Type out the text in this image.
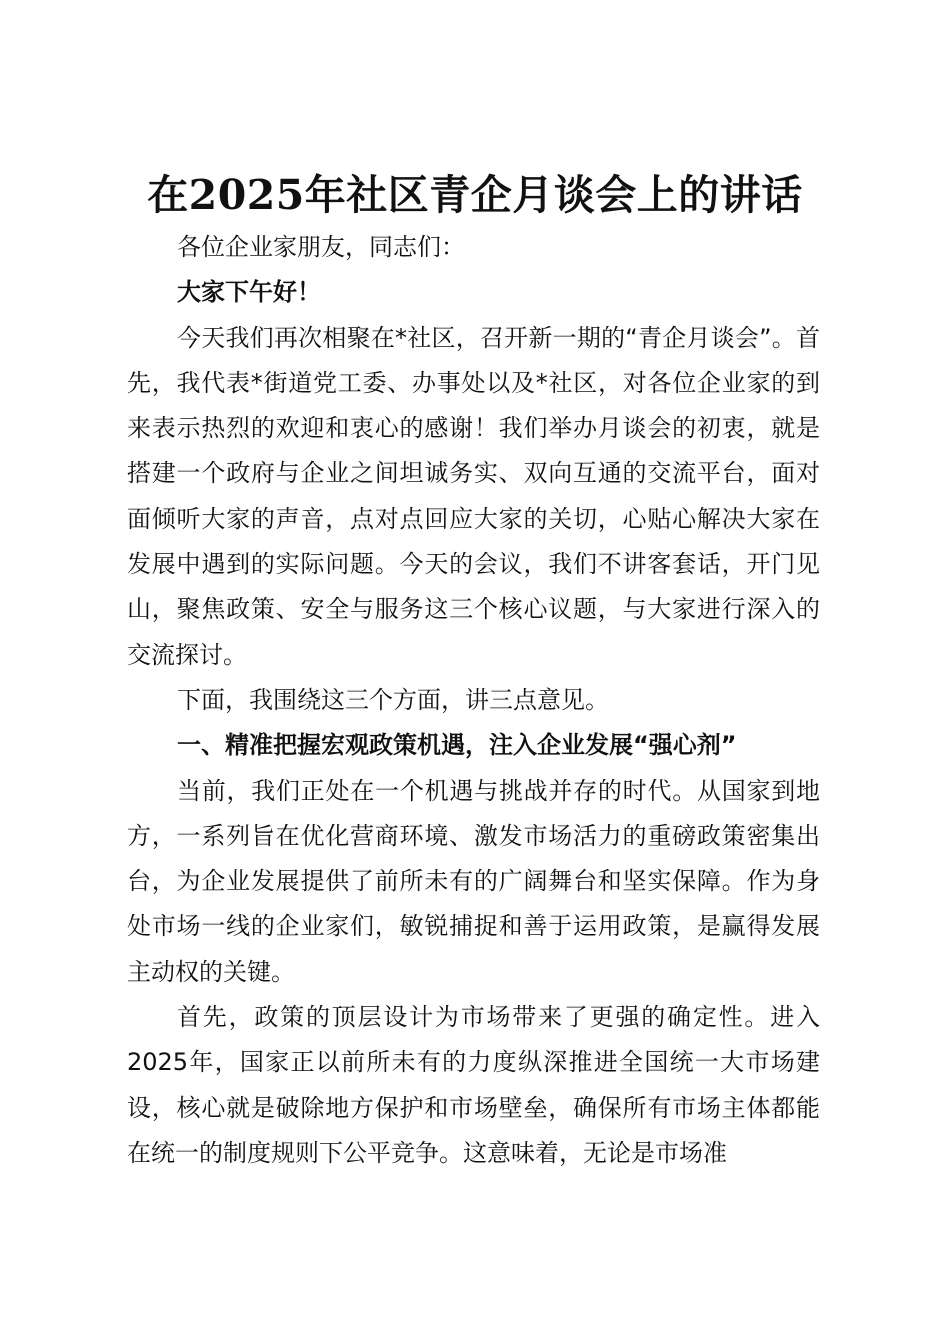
在2025年社区青企月谈会上的讲话

各位企业家朋友，同志们：

大家下午好！

今天我们再次相聚在*社区，召开新一期的“青企月谈会”。首先，我代表*街道党工委、办事处以及*社区，对各位企业家的到来表示热烈的欢迎和衷心的感谢！我们举办月谈会的初衷，就是搭建一个政府与企业之间坦诚务实、双向互通的交流平台，面对面倾听大家的声音，点对点回应大家的关切，心贴心解决大家在发展中遇到的实际问题。今天的会议，我们不讲客套话，开门见山，聚焦政策、安全与服务这三个核心议题，与大家进行深入的交流探讨。

下面，我围绕这三个方面，讲三点意见。

一、精准把握宏观政策机遇，注入企业发展“强心剂”

当前，我们正处在一个机遇与挑战并存的时代。从国家到地方，一系列旨在优化营商环境、激发市场活力的重磅政策密集出台，为企业发展提供了前所未有的广阔舞台和坚实保障。作为身处市场一线的企业家们，敏锐捕捉和善于运用政策，是赢得发展主动权的关键。

首先，政策的顶层设计为市场带来了更强的确定性。进入2025年，国家正以前所未有的力度纵深推进全国统一大市场建设，核心就是破除地方保护和市场壁垒，确保所有市场主体都能在统一的制度规则下公平竞争。这意味着，无论是市场准
